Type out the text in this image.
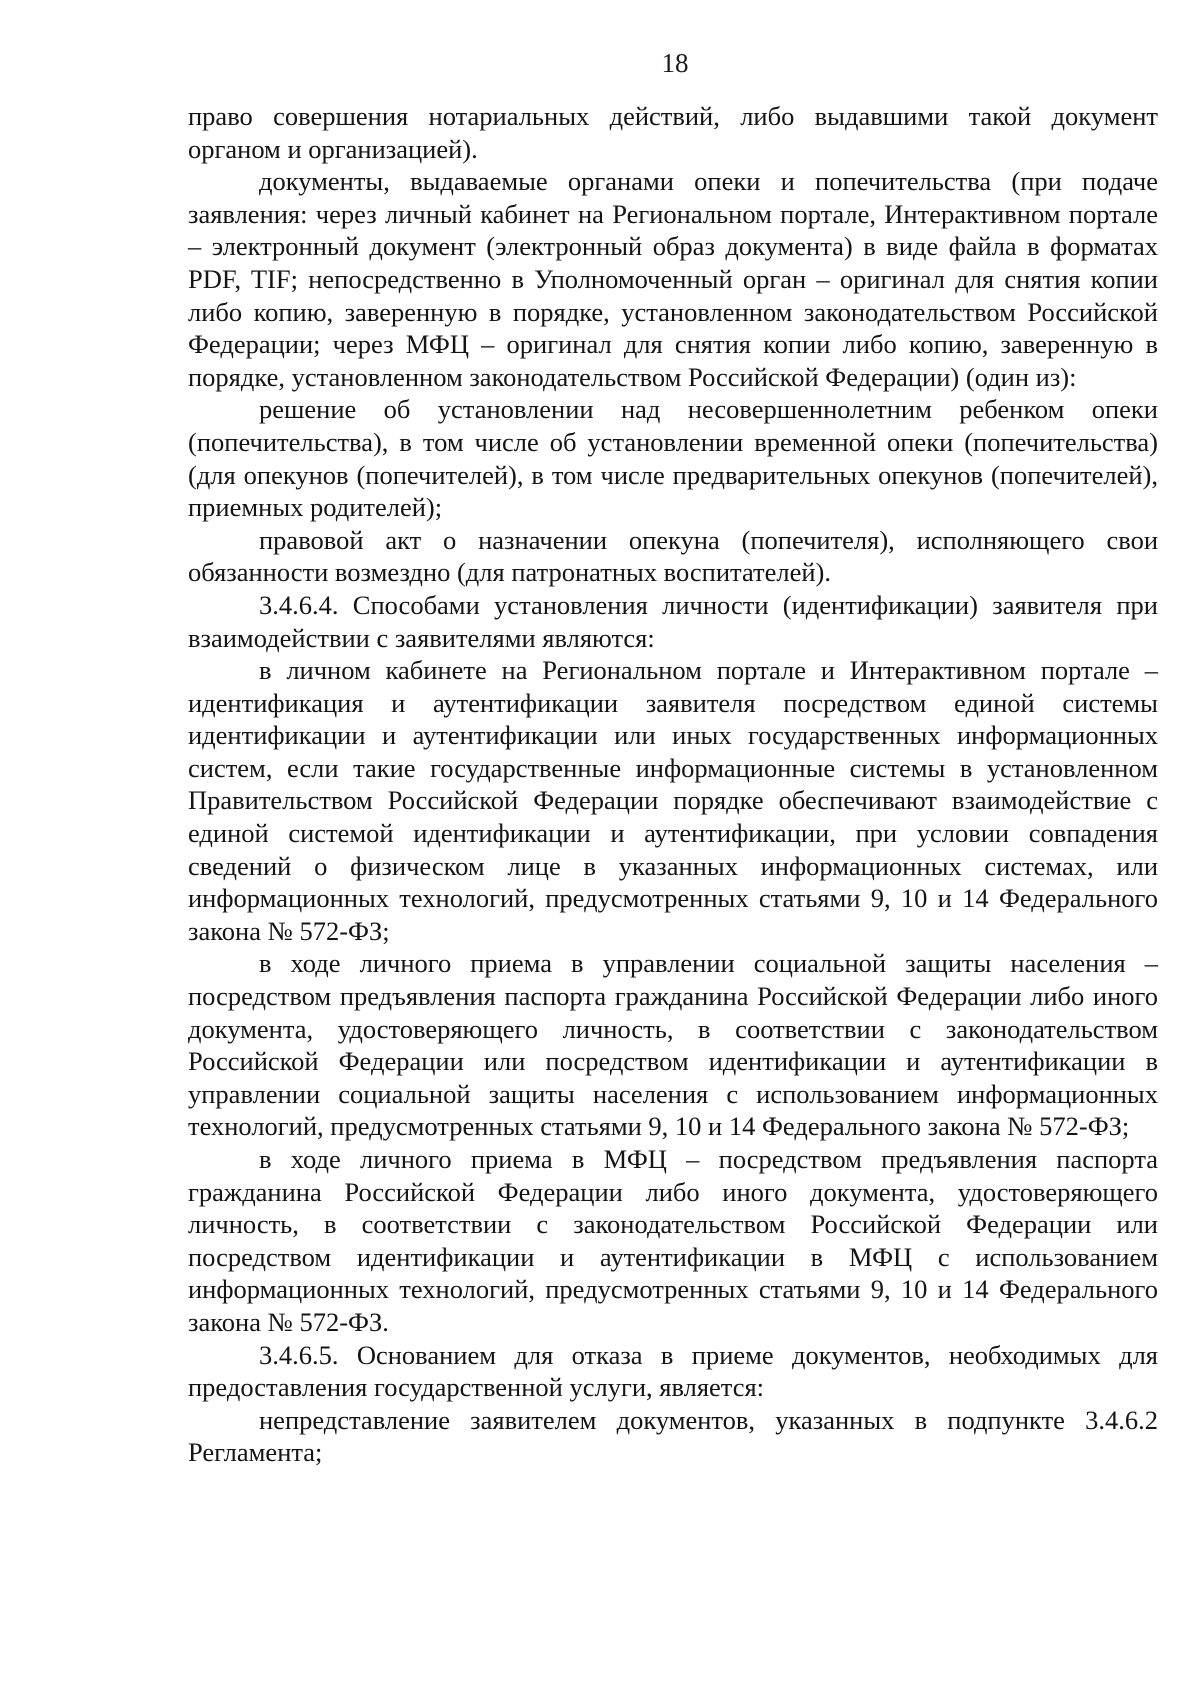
18

право совершения нотариальных действий, либо выдавшими такой документ органом и организацией).

документы, выдаваемые органами опеки и попечительства (при подаче заявления: через личный кабинет на Региональном портале, Интерактивном портале – электронный документ (электронный образ документа) в виде файла в форматах PDF, TIF; непосредственно в Уполномоченный орган – оригинал для снятия копии либо копию, заверенную в порядке, установленном законодательством Российской Федерации; через МФЦ – оригинал для снятия копии либо копию, заверенную в порядке, установленном законодательством Российской Федерации) (один из):

решение об установлении над несовершеннолетним ребенком опеки (попечительства), в том числе об установлении временной опеки (попечительства) (для опекунов (попечителей), в том числе предварительных опекунов (попечителей), приемных родителей);

правовой акт о назначении опекуна (попечителя), исполняющего свои обязанности возмездно (для патронатных воспитателей).

3.4.6.4. Способами установления личности (идентификации) заявителя при взаимодействии с заявителями являются:

в личном кабинете на Региональном портале и Интерактивном портале – идентификация и аутентификации заявителя посредством единой системы идентификации и аутентификации или иных государственных информационных систем, если такие государственные информационные системы в установленном Правительством Российской Федерации порядке обеспечивают взаимодействие с единой системой идентификации и аутентификации, при условии совпадения сведений о физическом лице в указанных информационных системах, или информационных технологий, предусмотренных статьями 9, 10 и 14 Федерального закона № 572-ФЗ;

в ходе личного приема в управлении социальной защиты населения – посредством предъявления паспорта гражданина Российской Федерации либо иного документа, удостоверяющего личность, в соответствии с законодательством Российской Федерации или посредством идентификации и аутентификации в управлении социальной защиты населения с использованием информационных технологий, предусмотренных статьями 9, 10 и 14 Федерального закона № 572-ФЗ;

в ходе личного приема в МФЦ – посредством предъявления паспорта гражданина Российской Федерации либо иного документа, удостоверяющего личность, в соответствии с законодательством Российской Федерации или посредством идентификации и аутентификации в МФЦ с использованием информационных технологий, предусмотренных статьями 9, 10 и 14 Федерального закона № 572-ФЗ.

3.4.6.5. Основанием для отказа в приеме документов, необходимых для предоставления государственной услуги, является:

непредставление заявителем документов, указанных в подпункте 3.4.6.2 Регламента;
